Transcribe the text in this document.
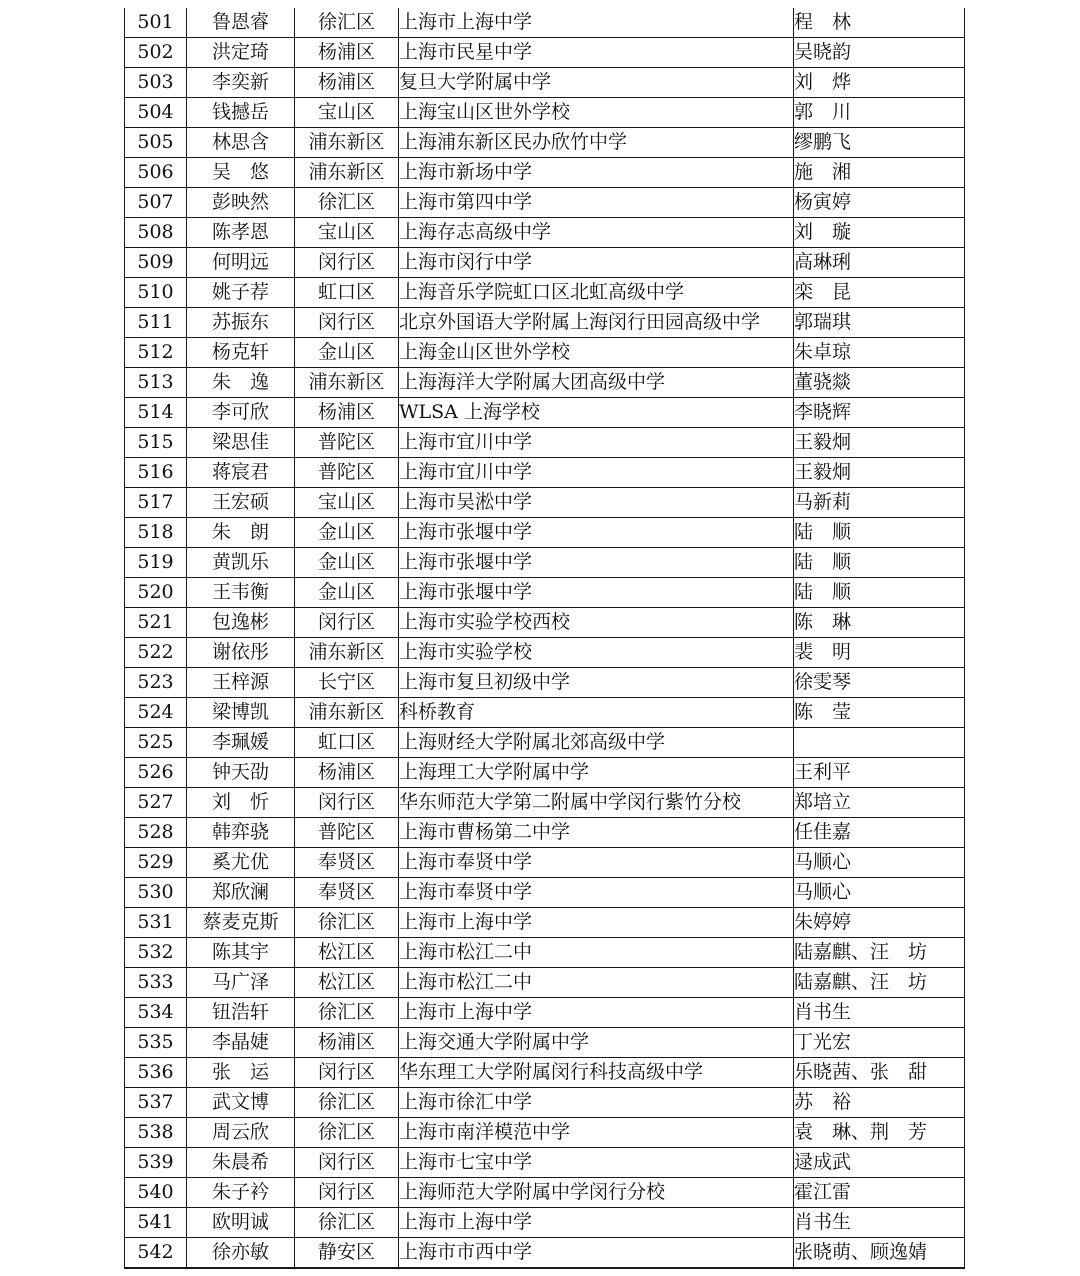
501	鲁恩睿	徐汇区	上海市上海中学	程　林
502	洪定琦	杨浦区	上海市民星中学	吴晓韵
503	李奕新	杨浦区	复旦大学附属中学	刘　烨
504	钱撼岳	宝山区	上海宝山区世外学校	郭　川
505	林思含	浦东新区	上海浦东新区民办欣竹中学	缪鹏飞
506	吴　悠	浦东新区	上海市新场中学	施　湘
507	彭映然	徐汇区	上海市第四中学	杨寅婷
508	陈孝恩	宝山区	上海存志高级中学	刘　璇
509	何明远	闵行区	上海市闵行中学	高琳琍
510	姚子荐	虹口区	上海音乐学院虹口区北虹高级中学	栾　昆
511	苏振东	闵行区	北京外国语大学附属上海闵行田园高级中学	郭瑞琪
512	杨克轩	金山区	上海金山区世外学校	朱卓琼
513	朱　逸	浦东新区	上海海洋大学附属大团高级中学	董骁燚
514	李可欣	杨浦区	WLSA 上海学校	李晓辉
515	梁思佳	普陀区	上海市宜川中学	王毅炯
516	蒋宸君	普陀区	上海市宜川中学	王毅炯
517	王宏硕	宝山区	上海市吴淞中学	马新莉
518	朱　朗	金山区	上海市张堰中学	陆　顺
519	黄凯乐	金山区	上海市张堰中学	陆　顺
520	王韦衡	金山区	上海市张堰中学	陆　顺
521	包逸彬	闵行区	上海市实验学校西校	陈　琳
522	谢依彤	浦东新区	上海市实验学校	裴　明
523	王梓源	长宁区	上海市复旦初级中学	徐雯琴
524	梁博凯	浦东新区	科桥教育	陈　莹
525	李珮媛	虹口区	上海财经大学附属北郊高级中学	
526	钟天劭	杨浦区	上海理工大学附属中学	王利平
527	刘　忻	闵行区	华东师范大学第二附属中学闵行紫竹分校	郑培立
528	韩弈骁	普陀区	上海市曹杨第二中学	任佳嘉
529	奚尤优	奉贤区	上海市奉贤中学	马顺心
530	郑欣澜	奉贤区	上海市奉贤中学	马顺心
531	蔡麦克斯	徐汇区	上海市上海中学	朱婷婷
532	陈其宇	松江区	上海市松江二中	陆嘉麒、汪　坊
533	马广泽	松江区	上海市松江二中	陆嘉麒、汪　坊
534	钮浩轩	徐汇区	上海市上海中学	肖书生
535	李晶婕	杨浦区	上海交通大学附属中学	丁光宏
536	张　运	闵行区	华东理工大学附属闵行科技高级中学	乐晓茜、张　甜
537	武文博	徐汇区	上海市徐汇中学	苏　裕
538	周云欣	徐汇区	上海市南洋模范中学	袁　琳、荆　芳
539	朱晨希	闵行区	上海市七宝中学	逯成武
540	朱子衿	闵行区	上海师范大学附属中学闵行分校	霍江雷
541	欧明诚	徐汇区	上海市上海中学	肖书生
542	徐亦敏	静安区	上海市市西中学	张晓萌、顾逸婧
